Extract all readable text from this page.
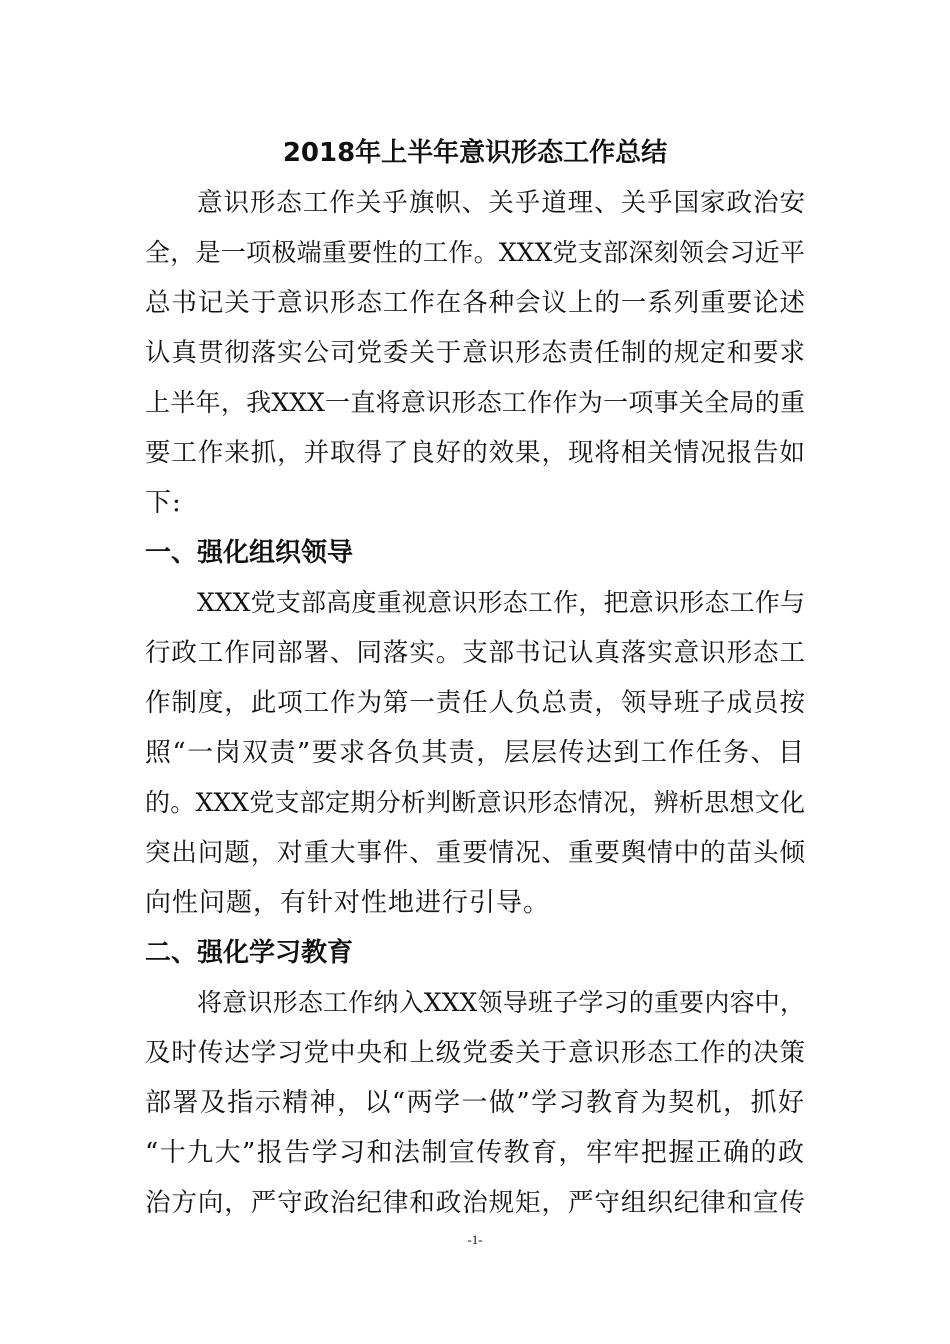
2018年上半年意识形态工作总结
意识形态工作关乎旗帜、关乎道理、关乎国家政治安
全，是一项极端重要性的工作。XXX党支部深刻领会习近平
总书记关于意识形态工作在各种会议上的一系列重要论述
认真贯彻落实公司党委关于意识形态责任制的规定和要求
上半年，我XXX一直将意识形态工作作为一项事关全局的重
要工作来抓，并取得了良好的效果，现将相关情况报告如
下:
一、强化组织领导
XXX党支部高度重视意识形态工作，把意识形态工作与
行政工作同部署、同落实。支部书记认真落实意识形态工
作制度，此项工作为第一责任人负总责，领导班子成员按
照“一岗双责”要求各负其责，层层传达到工作任务、目
的。XXX党支部定期分析判断意识形态情况，辨析思想文化
突出问题，对重大事件、重要情况、重要舆情中的苗头倾
向性问题，有针对性地进行引导。
二、强化学习教育
将意识形态工作纳入XXX领导班子学习的重要内容中，
及时传达学习党中央和上级党委关于意识形态工作的决策
部署及指示精神，以“两学一做”学习教育为契机，抓好
“十九大”报告学习和法制宣传教育，牢牢把握正确的政
治方向，严守政治纪律和政治规矩，严守组织纪律和宣传
-1-
